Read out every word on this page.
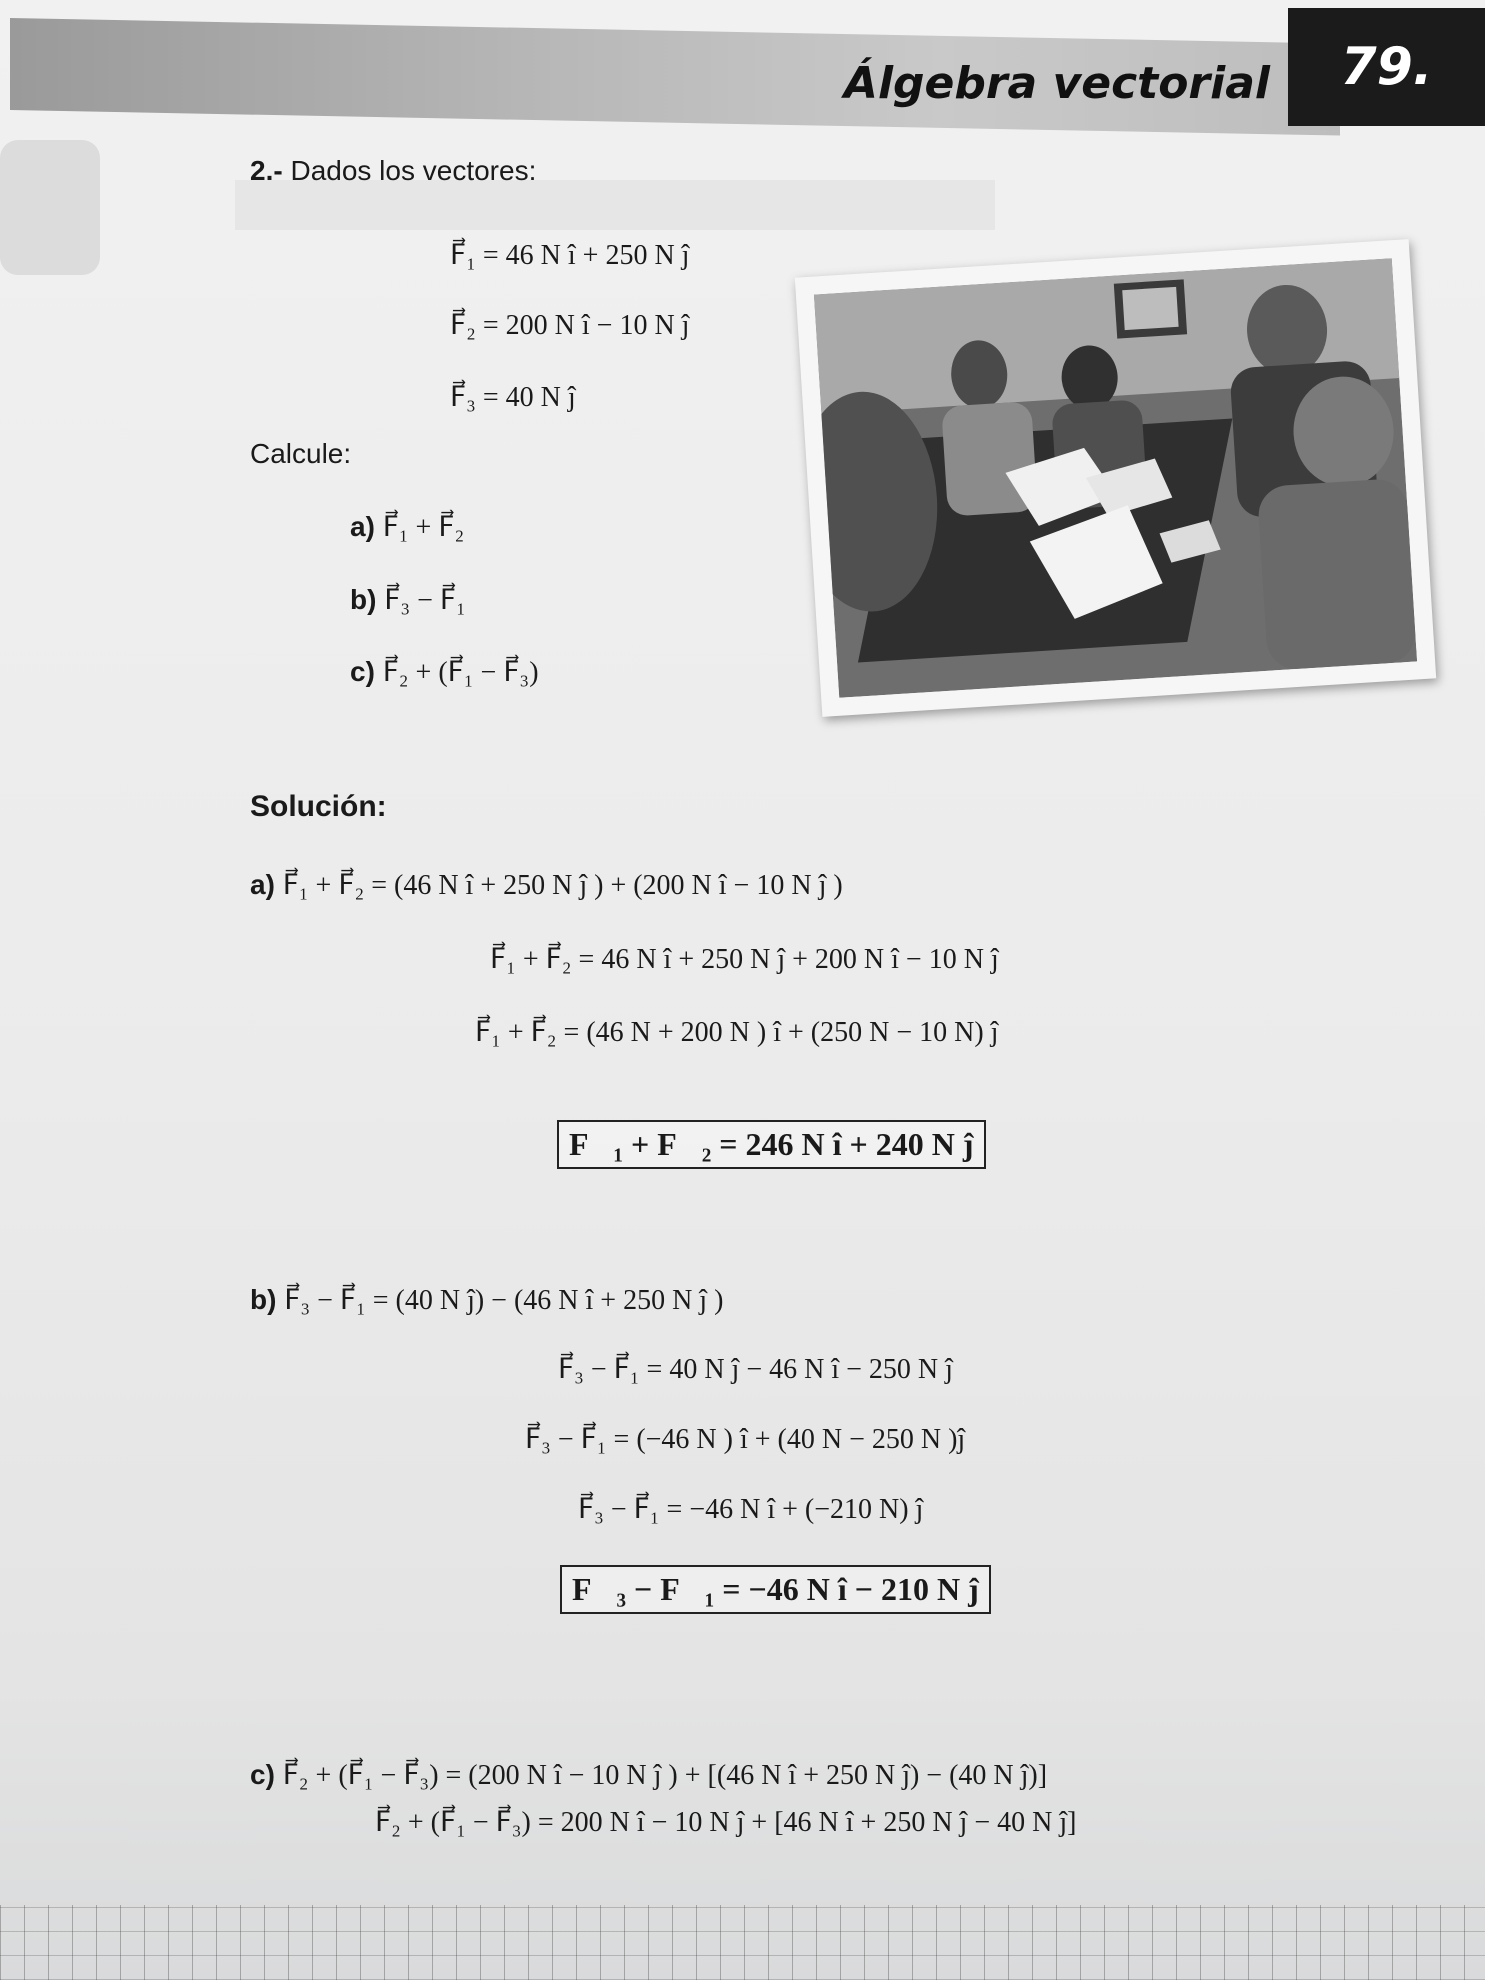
Álgebra vectorial	79.
2.- Dados los vectores:
F⃗₁ = 46 N î + 250 N ĵ
F⃗₂ = 200 N î − 10 N ĵ
F⃗₃ = 40 N ĵ
Calcule:
a) F⃗₁ + F⃗₂
b) F⃗₃ − F⃗₁
c) F⃗₂ + (F⃗₁ − F⃗₃)
Solución:
a) F⃗₁ + F⃗₂ = (46 N î + 250 N ĵ ) + (200 N î − 10 N ĵ )
F⃗₁ + F⃗₂ = 46 N î + 250 N ĵ + 200 N î − 10 N ĵ
F⃗₁ + F⃗₂ = (46 N + 200 N ) î + (250 N − 10 N) ĵ
F⃗₁ + F⃗₂ = 246 N î + 240 N ĵ
b) F⃗₃ − F⃗₁ = (40 N ĵ) − (46 N î + 250 N ĵ )
F⃗₃ − F⃗₁ = 40 N ĵ − 46 N î − 250 N ĵ
F⃗₃ − F⃗₁ = (−46 N ) î + (40 N − 250 N )ĵ
F⃗₃ − F⃗₁ = −46 N î + (−210 N) ĵ
F⃗₃ − F⃗₁ = −46 N î − 210 N ĵ
c) F⃗₂ + (F⃗₁ − F⃗₃) = (200 N î − 10 N ĵ ) + [(46 N î + 250 N ĵ) − (40 N ĵ)]
F⃗₂ + (F⃗₁ − F⃗₃) = 200 N î − 10 N ĵ + [46 N î + 250 N ĵ − 40 N ĵ]
